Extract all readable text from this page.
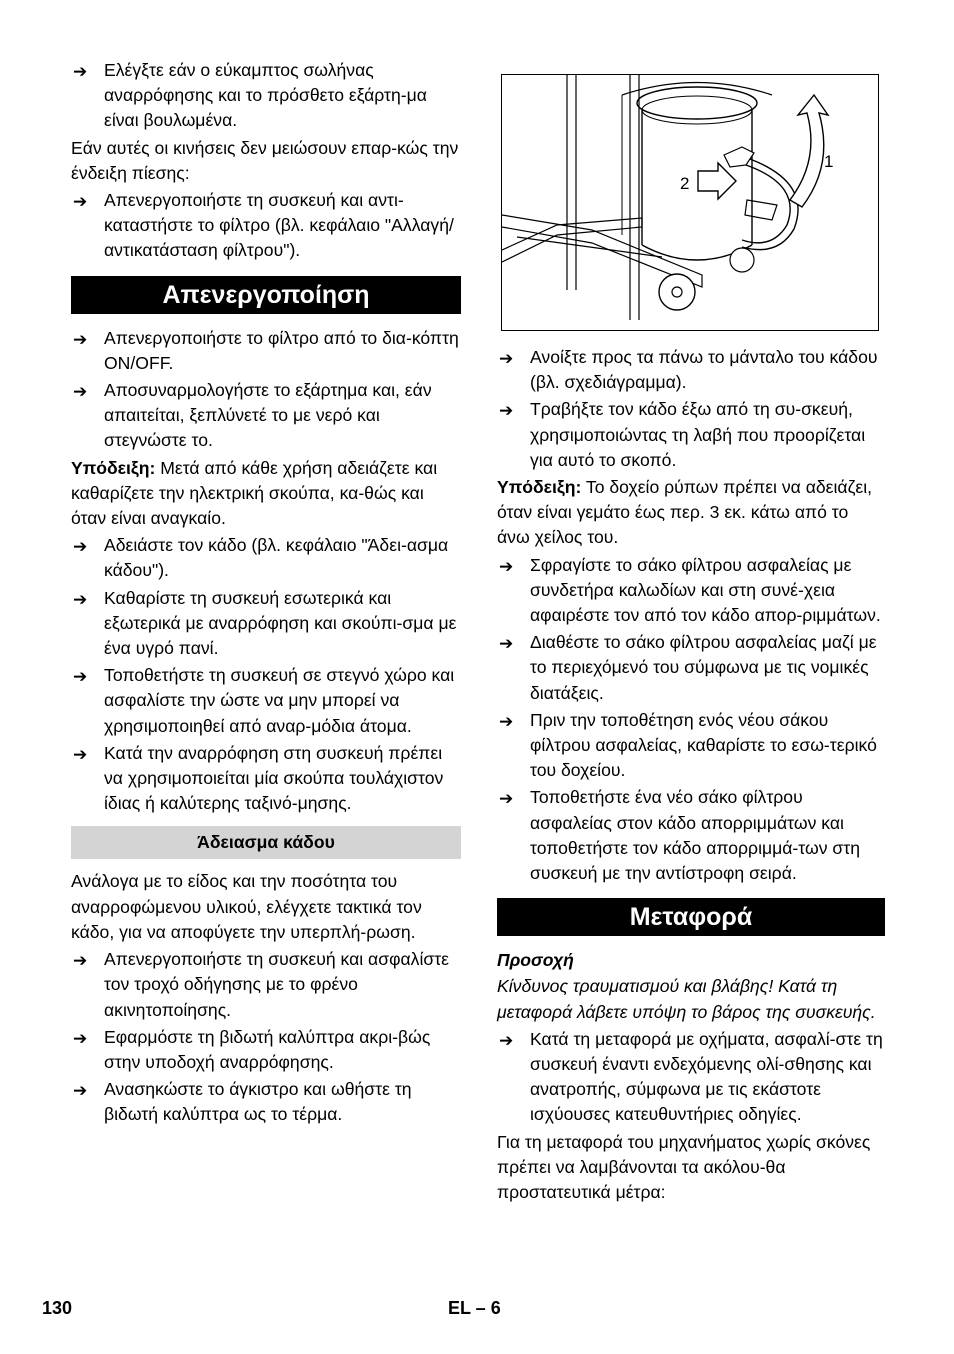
➔ Ελέγξτε εάν ο εύκαμπτος σωλήνας αναρρόφησης και το πρόσθετο εξάρτη-μα είναι βουλωμένα.

Εάν αυτές οι κινήσεις δεν μειώσουν επαρ-κώς την ένδειξη πίεσης:

➔ Απενεργοποιήστε τη συσκευή και αντι-καταστήστε το φίλτρο (βλ. κεφάλαιο "Αλλαγή/αντικατάσταση φίλτρου").
Απενεργοποίηση
➔ Απενεργοποιήστε το φίλτρο από το δια-κόπτη ON/OFF.
➔ Αποσυναρμολογήστε το εξάρτημα και, εάν απαιτείται, ξεπλύνετέ το με νερό και στεγνώστε το.

Υπόδειξη: Μετά από κάθε χρήση αδειάζετε και καθαρίζετε την ηλεκτρική σκούπα, κα-θώς και όταν είναι αναγκαίο.

➔ Αδειάστε τον κάδο (βλ. κεφάλαιο "Άδει-ασμα κάδου").
➔ Καθαρίστε τη συσκευή εσωτερικά και εξωτερικά με αναρρόφηση και σκούπι-σμα με ένα υγρό πανί.
➔ Τοποθετήστε τη συσκευή σε στεγνό χώρο και ασφαλίστε την ώστε να μην μπορεί να χρησιμοποιηθεί από αναρ-μόδια άτομα.
➔ Κατά την αναρρόφηση στη συσκευή πρέπει να χρησιμοποιείται μία σκούπα τουλάχιστον ίδιας ή καλύτερης ταξινό-μησης.
Άδειασμα κάδου

Ανάλογα με το είδος και την ποσότητα του αναρροφώμενου υλικού, ελέγχετε τακτικά τον κάδο, για να αποφύγετε την υπερπλή-ρωση.

➔ Απενεργοποιήστε τη συσκευή και ασφαλίστε τον τροχό οδήγησης με το φρένο ακινητοποίησης.
➔ Εφαρμόστε τη βιδωτή καλύπτρα ακρι-βώς στην υποδοχή αναρρόφησης.
➔ Ανασηκώστε το άγκιστρο και ωθήστε τη βιδωτή καλύπτρα ως το τέρμα.
2
1
➔ Ανοίξτε προς τα πάνω το μάνταλο του κάδου (βλ. σχεδιάγραμμα).
➔ Τραβήξτε τον κάδο έξω από τη συ-σκευή, χρησιμοποιώντας τη λαβή που προορίζεται για αυτό το σκοπό.

Υπόδειξη: Το δοχείο ρύπων πρέπει να αδειάζει, όταν είναι γεμάτο έως περ. 3 εκ. κάτω από το άνω χείλος του.

➔ Σφραγίστε το σάκο φίλτρου ασφαλείας με συνδετήρα καλωδίων και στη συνέ-χεια αφαιρέστε τον από τον κάδο απορ-ριμμάτων.
➔ Διαθέστε το σάκο φίλτρου ασφαλείας μαζί με το περιεχόμενό του σύμφωνα με τις νομικές διατάξεις.
➔ Πριν την τοποθέτηση ενός νέου σάκου φίλτρου ασφαλείας, καθαρίστε το εσω-τερικό του δοχείου.
➔ Τοποθετήστε ένα νέο σάκο φίλτρου ασφαλείας στον κάδο απορριμμάτων και τοποθετήστε τον κάδο απορριμμά-των στη συσκευή με την αντίστροφη σειρά.
Μεταφορά

Προσοχή

Κίνδυνος τραυματισμού και βλάβης! Κατά τη μεταφορά λάβετε υπόψη το βάρος της συσκευής.

➔ Κατά τη μεταφορά με οχήματα, ασφαλί-στε τη συσκευή έναντι ενδεχόμενης ολί-σθησης και ανατροπής, σύμφωνα με τις εκάστοτε ισχύουσες κατευθυντήριες οδηγίες.

Για τη μεταφορά του μηχανήματος χωρίς σκόνες πρέπει να λαμβάνονται τα ακόλου-θα προστατευτικά μέτρα:

130	EL – 6
